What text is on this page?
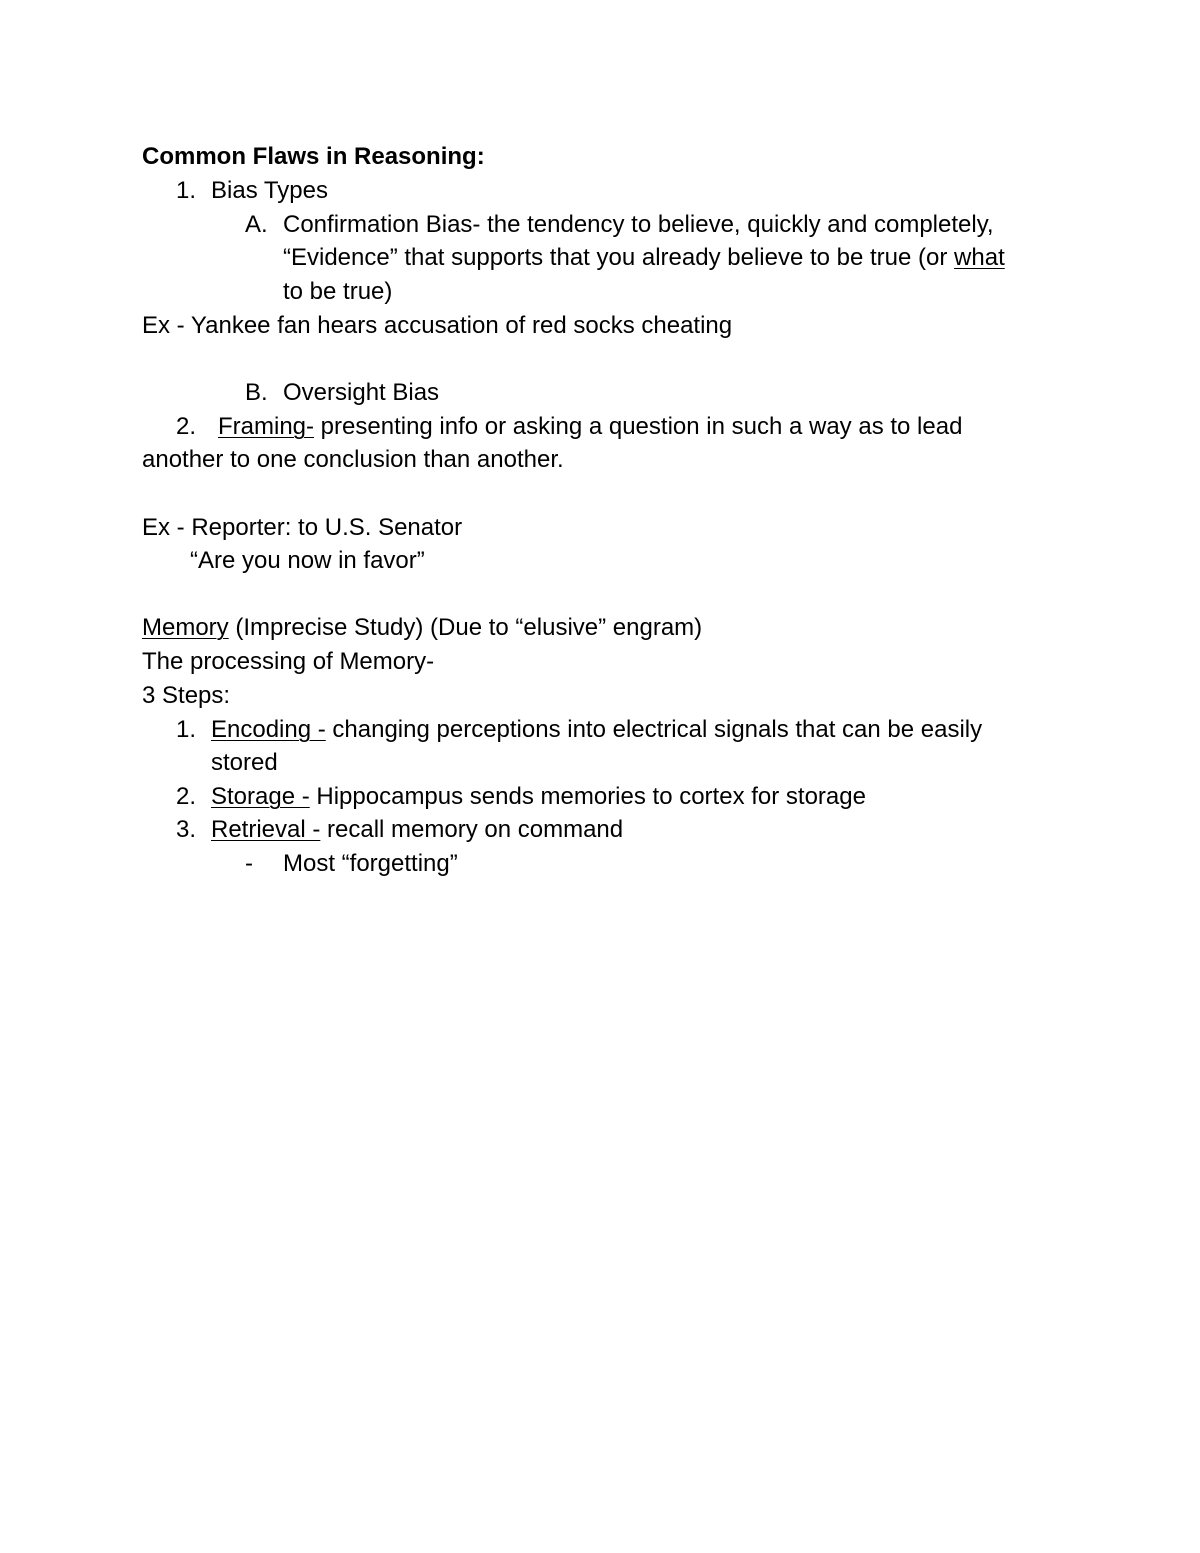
Common Flaws in Reasoning:
1. Bias Types
A. Confirmation Bias- the tendency to believe, quickly and completely,
“Evidence” that supports that you already believe to be true (or what
to be true)
Ex - Yankee fan hears accusation of red socks cheating
B. Oversight Bias
2. Framing- presenting info or asking a question in such a way as to lead
another to one conclusion than another.
Ex - Reporter: to U.S. Senator
“Are you now in favor”
Memory (Imprecise Study) (Due to “elusive” engram)
The processing of Memory-
3 Steps:
1. Encoding - changing perceptions into electrical signals that can be easily
stored
2. Storage - Hippocampus sends memories to cortex for storage
3. Retrieval - recall memory on command
- Most “forgetting”
